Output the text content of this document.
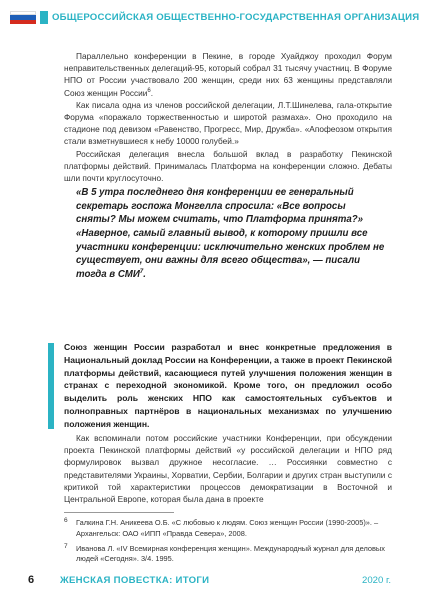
ОБЩЕРОССИЙСКАЯ ОБЩЕСТВЕННО-ГОСУДАРСТВЕННАЯ ОРГАНИЗАЦИЯ

Параллельно конференции в Пекине, в городе Хуайджоу проходил Форум неправительственных делегаций-95, который собрал 31 тысячу участниц. В Форуме НПО от России участвовало 200 женщин, среди них 63 женщины представляли Союз женщин России$^6$.

Как писала одна из членов российской делегации, Л.Т.Шинелева, гала-открытие Форума «поражало торжественностью и широтой размаха». Оно проходило на стадионе под девизом «Равенство, Прогресс, Мир, Дружба». «Апофеозом открытия стали взметнувшиеся к небу 10000 голубей.»

Российская делегация внесла большой вклад в разработку Пекинской платформы действий. Принималась Платформа на конференции сложно. Дебаты шли почти круглосуточно.

«В 5 утра последнего дня конференции ее генеральный секретарь госпожа Монгелла спросила: «Все вопросы сняты? Мы можем считать, что Платформа принята?» «Наверное, самый главный вывод, к которому пришли все участники конференции: исключительно женских проблем не существует, они важны для всего общества», — писали тогда в СМИ$^7$.

Союз женщин России разработал и внес конкретные предложения в Национальный доклад России на Конференции, а также в проект Пекинской платформы действий, касающиеся путей улучшения положения женщин в странах с переходной экономикой. Кроме того, он предложил особо выделить роль женских НПО как самостоятельных субъектов и полноправных партнёров в национальных механизмах по улучшению положения женщин.

Как вспоминали потом российские участники Конференции, при обсуждении проекта Пекинской платформы действий «у российской делегации и НПО ряд формулировок вызвал дружное несогласие. … Россиянки совместно с представителями Украины, Хорватии, Сербии, Болгарии и других стран выступили с критикой той характеристики процессов демократизации в Восточной и Центральной Европе, которая была дана в проекте

6	Галкина Г.Н. Аникеева О.Б. «С любовью к людям. Союз женщин России (1990-2005)». – Архангельск: ОАО «ИПП «Правда Севера», 2008.
7	Иванова Л. «IV Всемирная конференция женщин». Международный журнал для деловых людей «Сегодня». 3/4. 1995.
6	ЖЕНСКАЯ ПОВЕСТКА: ИТОГИ	2020 г.
